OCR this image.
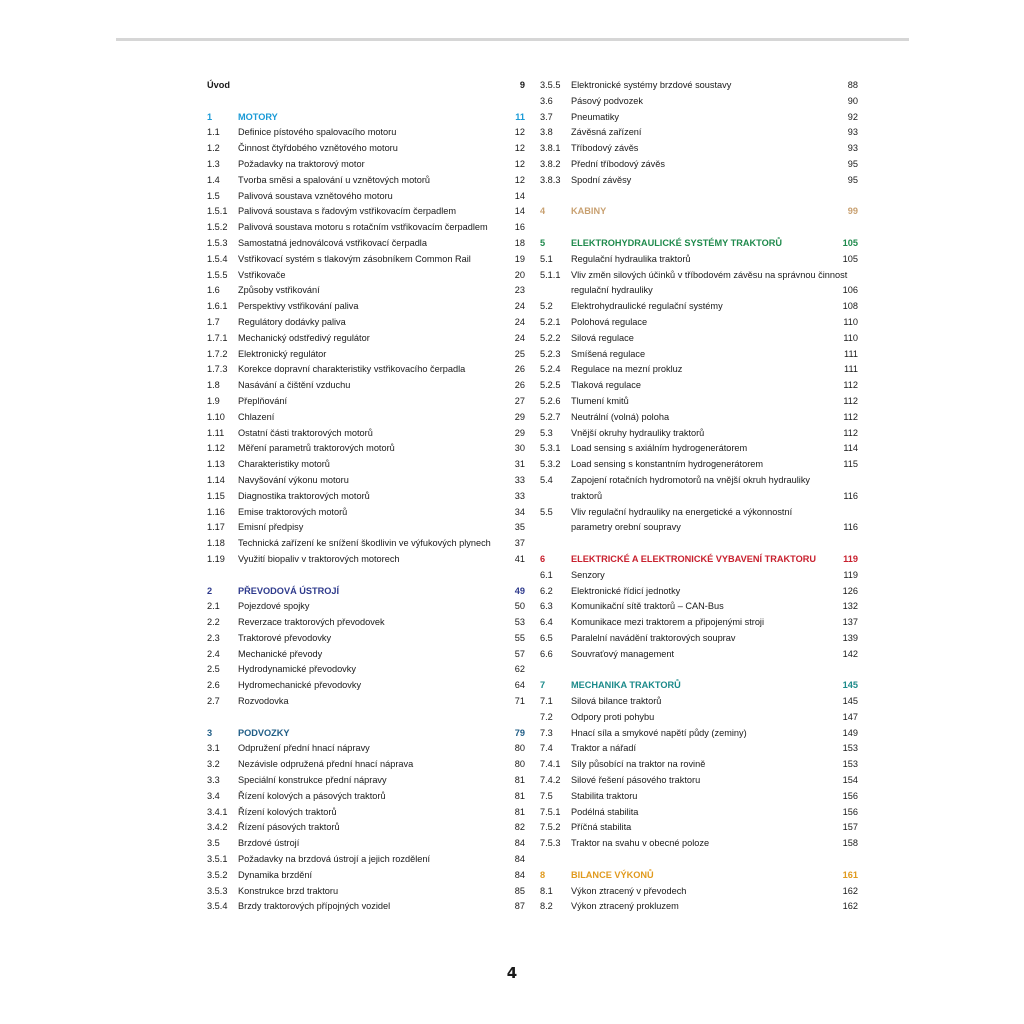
Úvod	9
1	MOTORY	11
1.1 Definice pístového spalovacího motoru	12
1.2 Činnost čtyřdobého vznětového motoru	12
1.3 Požadavky na traktorový motor	12
1.4 Tvorba směsi a spalování u vznětových motorů	12
1.5 Palivová soustava vznětového motoru	14
1.5.1 Palivová soustava s řadovým vstřikovacím čerpadlem	14
1.5.2 Palivová soustava motoru s rotačním vstřikovacím čerpadlem	16
1.5.3 Samostatná jednoválcová vstřikovací čerpadla	18
1.5.4 Vstřikovací systém s tlakovým zásobníkem Common Rail	19
1.5.5 Vstřikovače	20
1.6 Způsoby vstřikování	23
1.6.1 Perspektivy vstřikování paliva	24
1.7 Regulátory dodávky paliva	24
1.7.1 Mechanický odstředivý regulátor	24
1.7.2 Elektronický regulátor	25
1.7.3 Korekce dopravní charakteristiky vstřikovacího čerpadla	26
1.8 Nasávání a čištění vzduchu	26
1.9 Přeplňování	27
1.10 Chlazení	29
1.11 Ostatní části traktorových motorů	29
1.12 Měření parametrů traktorových motorů	30
1.13 Charakteristiky motorů	31
1.14 Navyšování výkonu motoru	33
1.15 Diagnostika traktorových motorů	33
1.16 Emise traktorových motorů	34
1.17 Emisní předpisy	35
1.18 Technická zařízení ke snížení škodlivin ve výfukových plynech	37
1.19 Využití biopaliv v traktorových motorech	41
2	PŘEVODOVÁ ÚSTROJÍ	49
2.1 Pojezdové spojky	50
2.2 Reverzace traktorových převodovek	53
2.3 Traktorové převodovky	55
2.4 Mechanické převody	57
2.5 Hydrodynamické převodovky	62
2.6 Hydromechanické převodovky	64
2.7 Rozvodovka	71
3	PODVOZKY	79
3.1 Odpružení přední hnací nápravy	80
3.2 Nezávisle odpružená přední hnací náprava	80
3.3 Speciální konstrukce přední nápravy	81
3.4 Řízení kolových a pásových traktorů	81
3.4.1 Řízení kolových traktorů	81
3.4.2 Řízení pásových traktorů	82
3.5 Brzdové ústrojí	84
3.5.1 Požadavky na brzdová ústrojí a jejich rozdělení	84
3.5.2 Dynamika brzdění	84
3.5.3 Konstrukce brzd traktoru	85
3.5.4 Brzdy traktorových přípojných vozidel	87
3.5.5 Elektronické systémy brzdové soustavy	88
3.6 Pásový podvozek	90
3.7 Pneumatiky	92
3.8 Závěsná zařízení	93
3.8.1 Tříbodový závěs	93
3.8.2 Přední tříbodový závěs	95
3.8.3 Spodní závěsy	95
4	KABINY	99
5	ELEKTROHYDRAULICKÉ SYSTÉMY TRAKTORŮ	105
5.1 Regulační hydraulika traktorů	105
5.1.1 Vliv změn silových účinků v tříbodovém závěsu na správnou činnost
regulační hydrauliky	106
5.2 Elektrohydraulické regulační systémy	108
5.2.1 Polohová regulace	110
5.2.2 Silová regulace	110
5.2.3 Smíšená regulace	111
5.2.4 Regulace na mezní prokluz	111
5.2.5 Tlaková regulace	112
5.2.6 Tlumení kmitů	112
5.2.7 Neutrální (volná) poloha	112
5.3 Vnější okruhy hydrauliky traktorů	112
5.3.1 Load sensing s axiálním hydrogenerátorem	114
5.3.2 Load sensing s konstantním hydrogenerátorem	115
5.4 Zapojení rotačních hydromotorů na vnější okruh hydrauliky
traktorů	116
5.5 Vliv regulační hydrauliky na energetické a výkonnostní
parametry orební soupravy	116
6	ELEKTRICKÉ A ELEKTRONICKÉ VYBAVENÍ TRAKTORU	119
6.1 Senzory	119
6.2 Elektronické řídicí jednotky	126
6.3 Komunikační sítě traktorů – CAN-Bus	132
6.4 Komunikace mezi traktorem a připojenými stroji	137
6.5 Paralelní navádění traktorových souprav	139
6.6 Souvraťový management	142
7	MECHANIKA TRAKTORŮ	145
7.1 Silová bilance traktorů	145
7.2 Odpory proti pohybu	147
7.3 Hnací síla a smykové napětí půdy (zeminy)	149
7.4 Traktor a nářadí	153
7.4.1 Síly působící na traktor na rovině	153
7.4.2 Silové řešení pásového traktoru	154
7.5 Stabilita traktoru	156
7.5.1 Podélná stabilita	156
7.5.2 Příčná stabilita	157
7.5.3 Traktor na svahu v obecné poloze	158
8	BILANCE VÝKONŮ	161
8.1 Výkon ztracený v převodech	162
8.2 Výkon ztracený prokluzem	162
4
